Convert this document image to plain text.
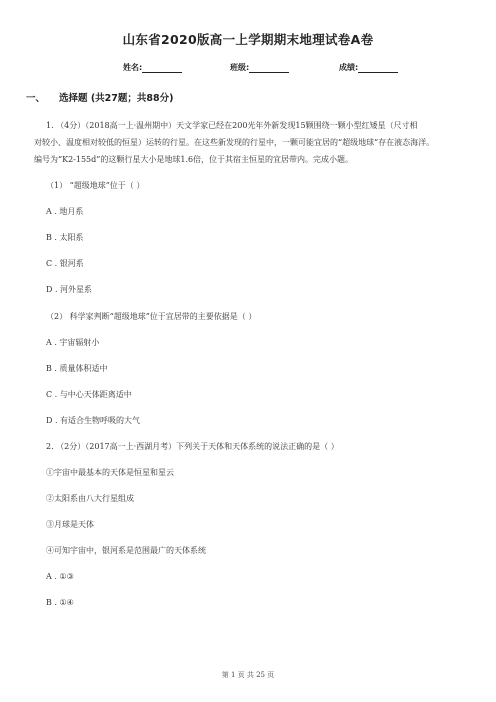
山东省2020版高一上学期期末地理试卷A卷
姓名:	班级:	成绩:
一、 选择题 (共27题；共88分)
1. （4分）（2018高一上·温州期中）天文学家已经在200光年外新发现15颗围绕一颗小型红矮星（尺寸相
对较小、温度相对较低的恒星）运转的行星。在这些新发现的行星中，一颗可能宜居的“超级地球”存在液态海洋。
编号为“K2-155d”的这颗行星大小是地球1.6倍，位于其宿主恒星的宜居带内。完成小题。
（1） “超级地球”位于（ ）
A . 地月系
B . 太阳系
C . 银河系
D . 河外星系
（2） 科学家判断“超级地球”位于宜居带的主要依据是（ ）
A . 宇宙辐射小
B . 质量体积适中
C . 与中心天体距离适中
D . 有适合生物呼吸的大气
2. （2分）（2017高一上·西湖月考）下列关于天体和天体系统的说法正确的是（ ）
①宇宙中最基本的天体是恒星和星云
②太阳系由八大行星组成
③月球是天体
④可知宇宙中，银河系是范围最广的天体系统
A . ①③
B . ①④
第 1 页 共 25 页
